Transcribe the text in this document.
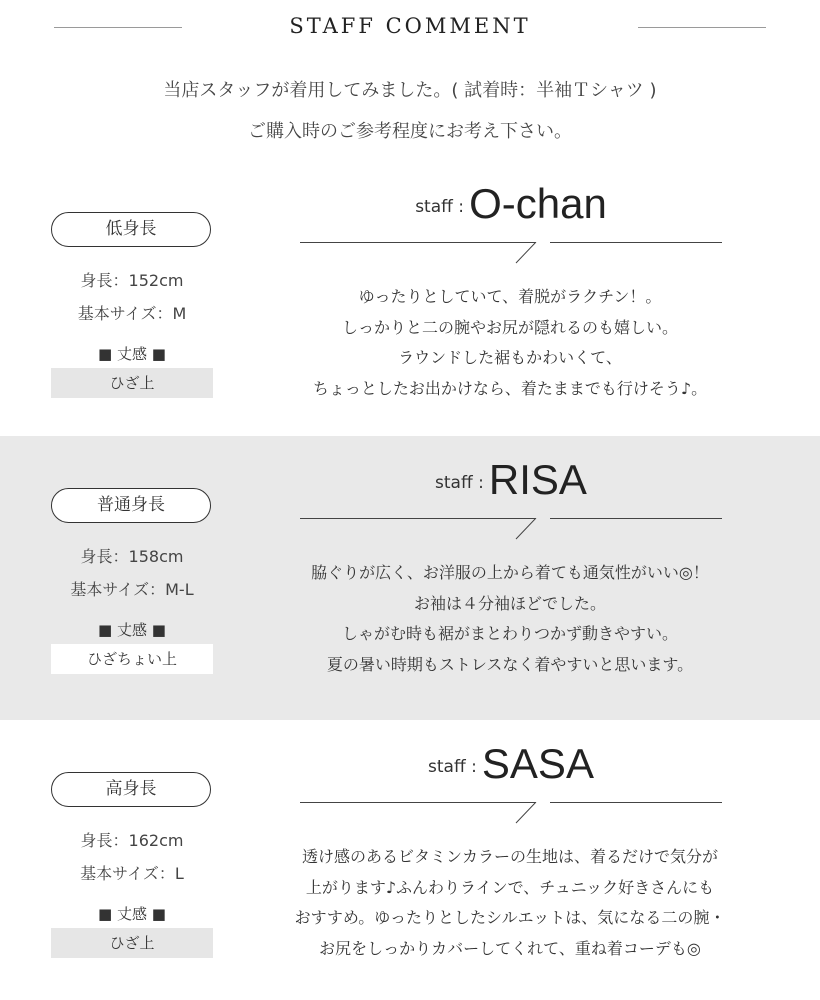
STAFF COMMENT
当店スタッフが着用してみました。( 試着時：半袖Ｔシャツ )
ご購入時のご参考程度にお考え下さい。
低身長
身長：152cm
基本サイズ：M
■ 丈感 ■
ひざ上
staff : O-chan

ゆったりとしていて、着脱がラクチン！。

しっかりと二の腕やお尻が隠れるのも嬉しい。

ラウンドした裾もかわいくて、

ちょっとしたお出かけなら、着たままでも行けそう♪。

普通身長
身長：158cm
基本サイズ：M-L
■ 丈感 ■
ひざちょい上
staff : RISA

脇ぐりが広く、お洋服の上から着ても通気性がいい◎！

お袖は４分袖ほどでした。

しゃがむ時も裾がまとわりつかず動きやすい。

夏の暑い時期もストレスなく着やすいと思います。

高身長
身長：162cm
基本サイズ：L
■ 丈感 ■
ひざ上
staff : SASA

透け感のあるビタミンカラーの生地は、着るだけで気分が

上がります♪ふんわりラインで、チュニック好きさんにも

おすすめ。ゆったりとしたシルエットは、気になる二の腕・

お尻をしっかりカバーしてくれて、重ね着コーデも◎
